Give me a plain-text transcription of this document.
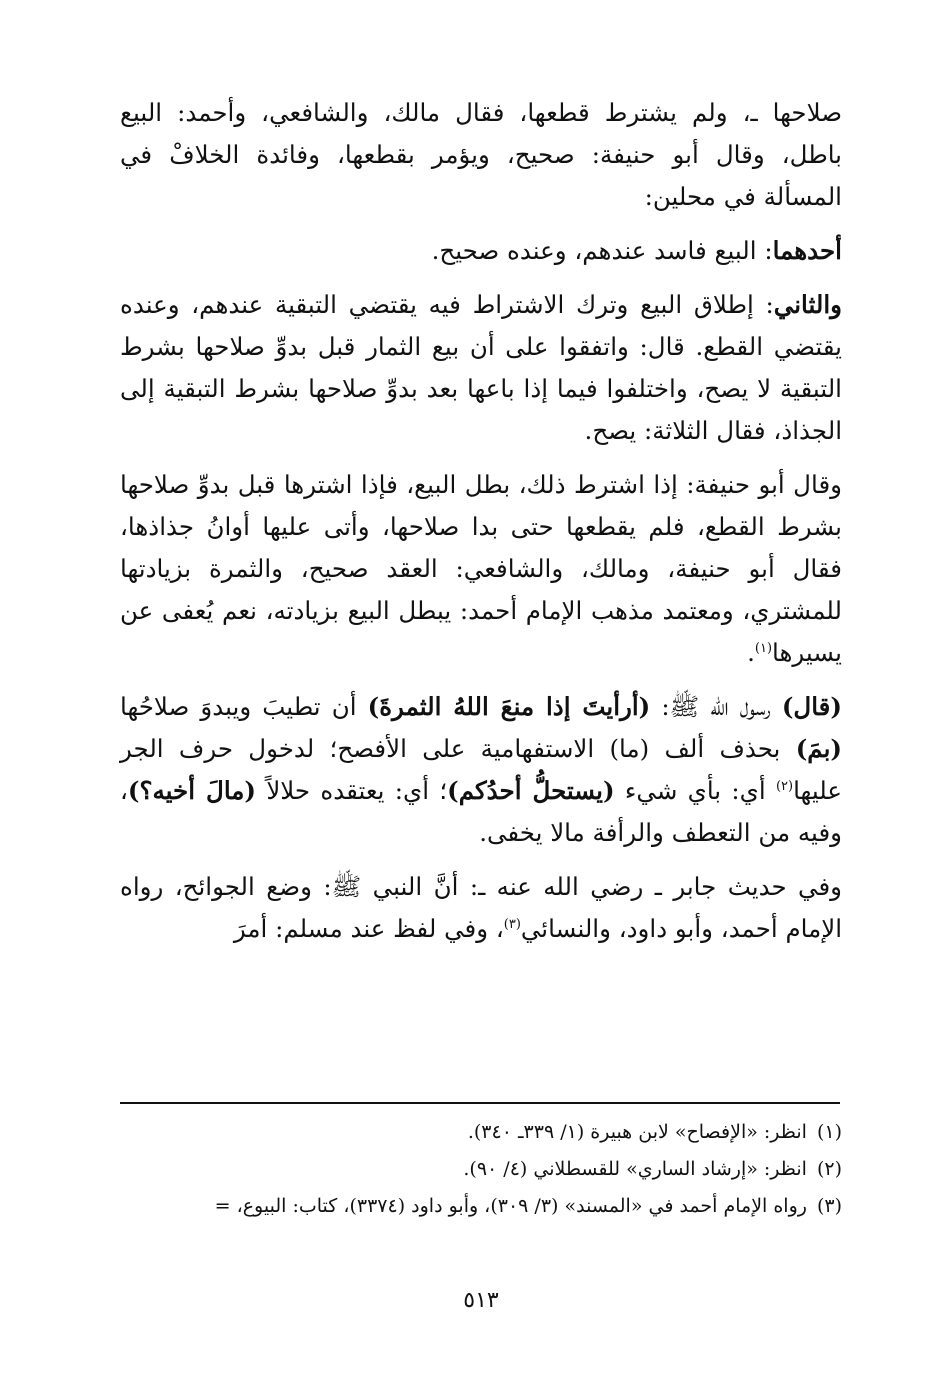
صلاحها ـ، ولم يشترط قطعها، فقال مالك، والشافعي، وأحمد: البيع باطل، وقال أبو حنيفة: صحيح، ويؤمر بقطعها، وفائدة الخلافْ في المسألة في محلين:

أحدهما: البيع فاسد عندهم، وعنده صحيح.

والثاني: إطلاق البيع وترك الاشتراط فيه يقتضي التبقية عندهم، وعنده يقتضي القطع. قال: واتفقوا على أن بيع الثمار قبل بدوِّ صلاحها بشرط التبقية لا يصح، واختلفوا فيما إذا باعها بعد بدوِّ صلاحها بشرط التبقية إلى الجذاذ، فقال الثلاثة: يصح.

وقال أبو حنيفة: إذا اشترط ذلك، بطل البيع، فإذا اشترها قبل بدوِّ صلاحها بشرط القطع، فلم يقطعها حتى بدا صلاحها، وأتى عليها أوانُ جذاذها، فقال أبو حنيفة، ومالك، والشافعي: العقد صحيح، والثمرة بزيادتها للمشتري، ومعتمد مذهب الإمام أحمد: يبطل البيع بزيادته، نعم يُعفى عن يسيرها$^{(١)}$.

(قال) رسول الله ﷺ: (أرأيتَ إذا منعَ اللهُ الثمرةَ) أن تطيبَ ويبدوَ صلاحُها (بمَ) بحذف ألف (ما) الاستفهامية على الأفصح؛ لدخول حرف الجر عليها$^{(٢)}$ أي: بأي شيء (يستحلُّ أحدُكم)؛ أي: يعتقده حلالاً (مالَ أخيه؟)، وفيه من التعطف والرأفة مالا يخفى.

وفي حديث جابر ـ رضي الله عنه ـ: أنَّ النبي ﷺ: وضع الجوائح، رواه الإمام أحمد، وأبو داود، والنسائي$^{(٣)}$، وفي لفظ عند مسلم: أمرَ

(١)
انظر: «الإفصاح» لابن هبيرة (١/ ٣٣٩ـ ٣٤٠).
(٢)
انظر: «إرشاد الساري» للقسطلاني (٤/ ٩٠).
(٣)
رواه الإمام أحمد في «المسند» (٣/ ٣٠٩)، وأبو داود (٣٣٧٤)، كتاب: البيوع، =
٥١٣
